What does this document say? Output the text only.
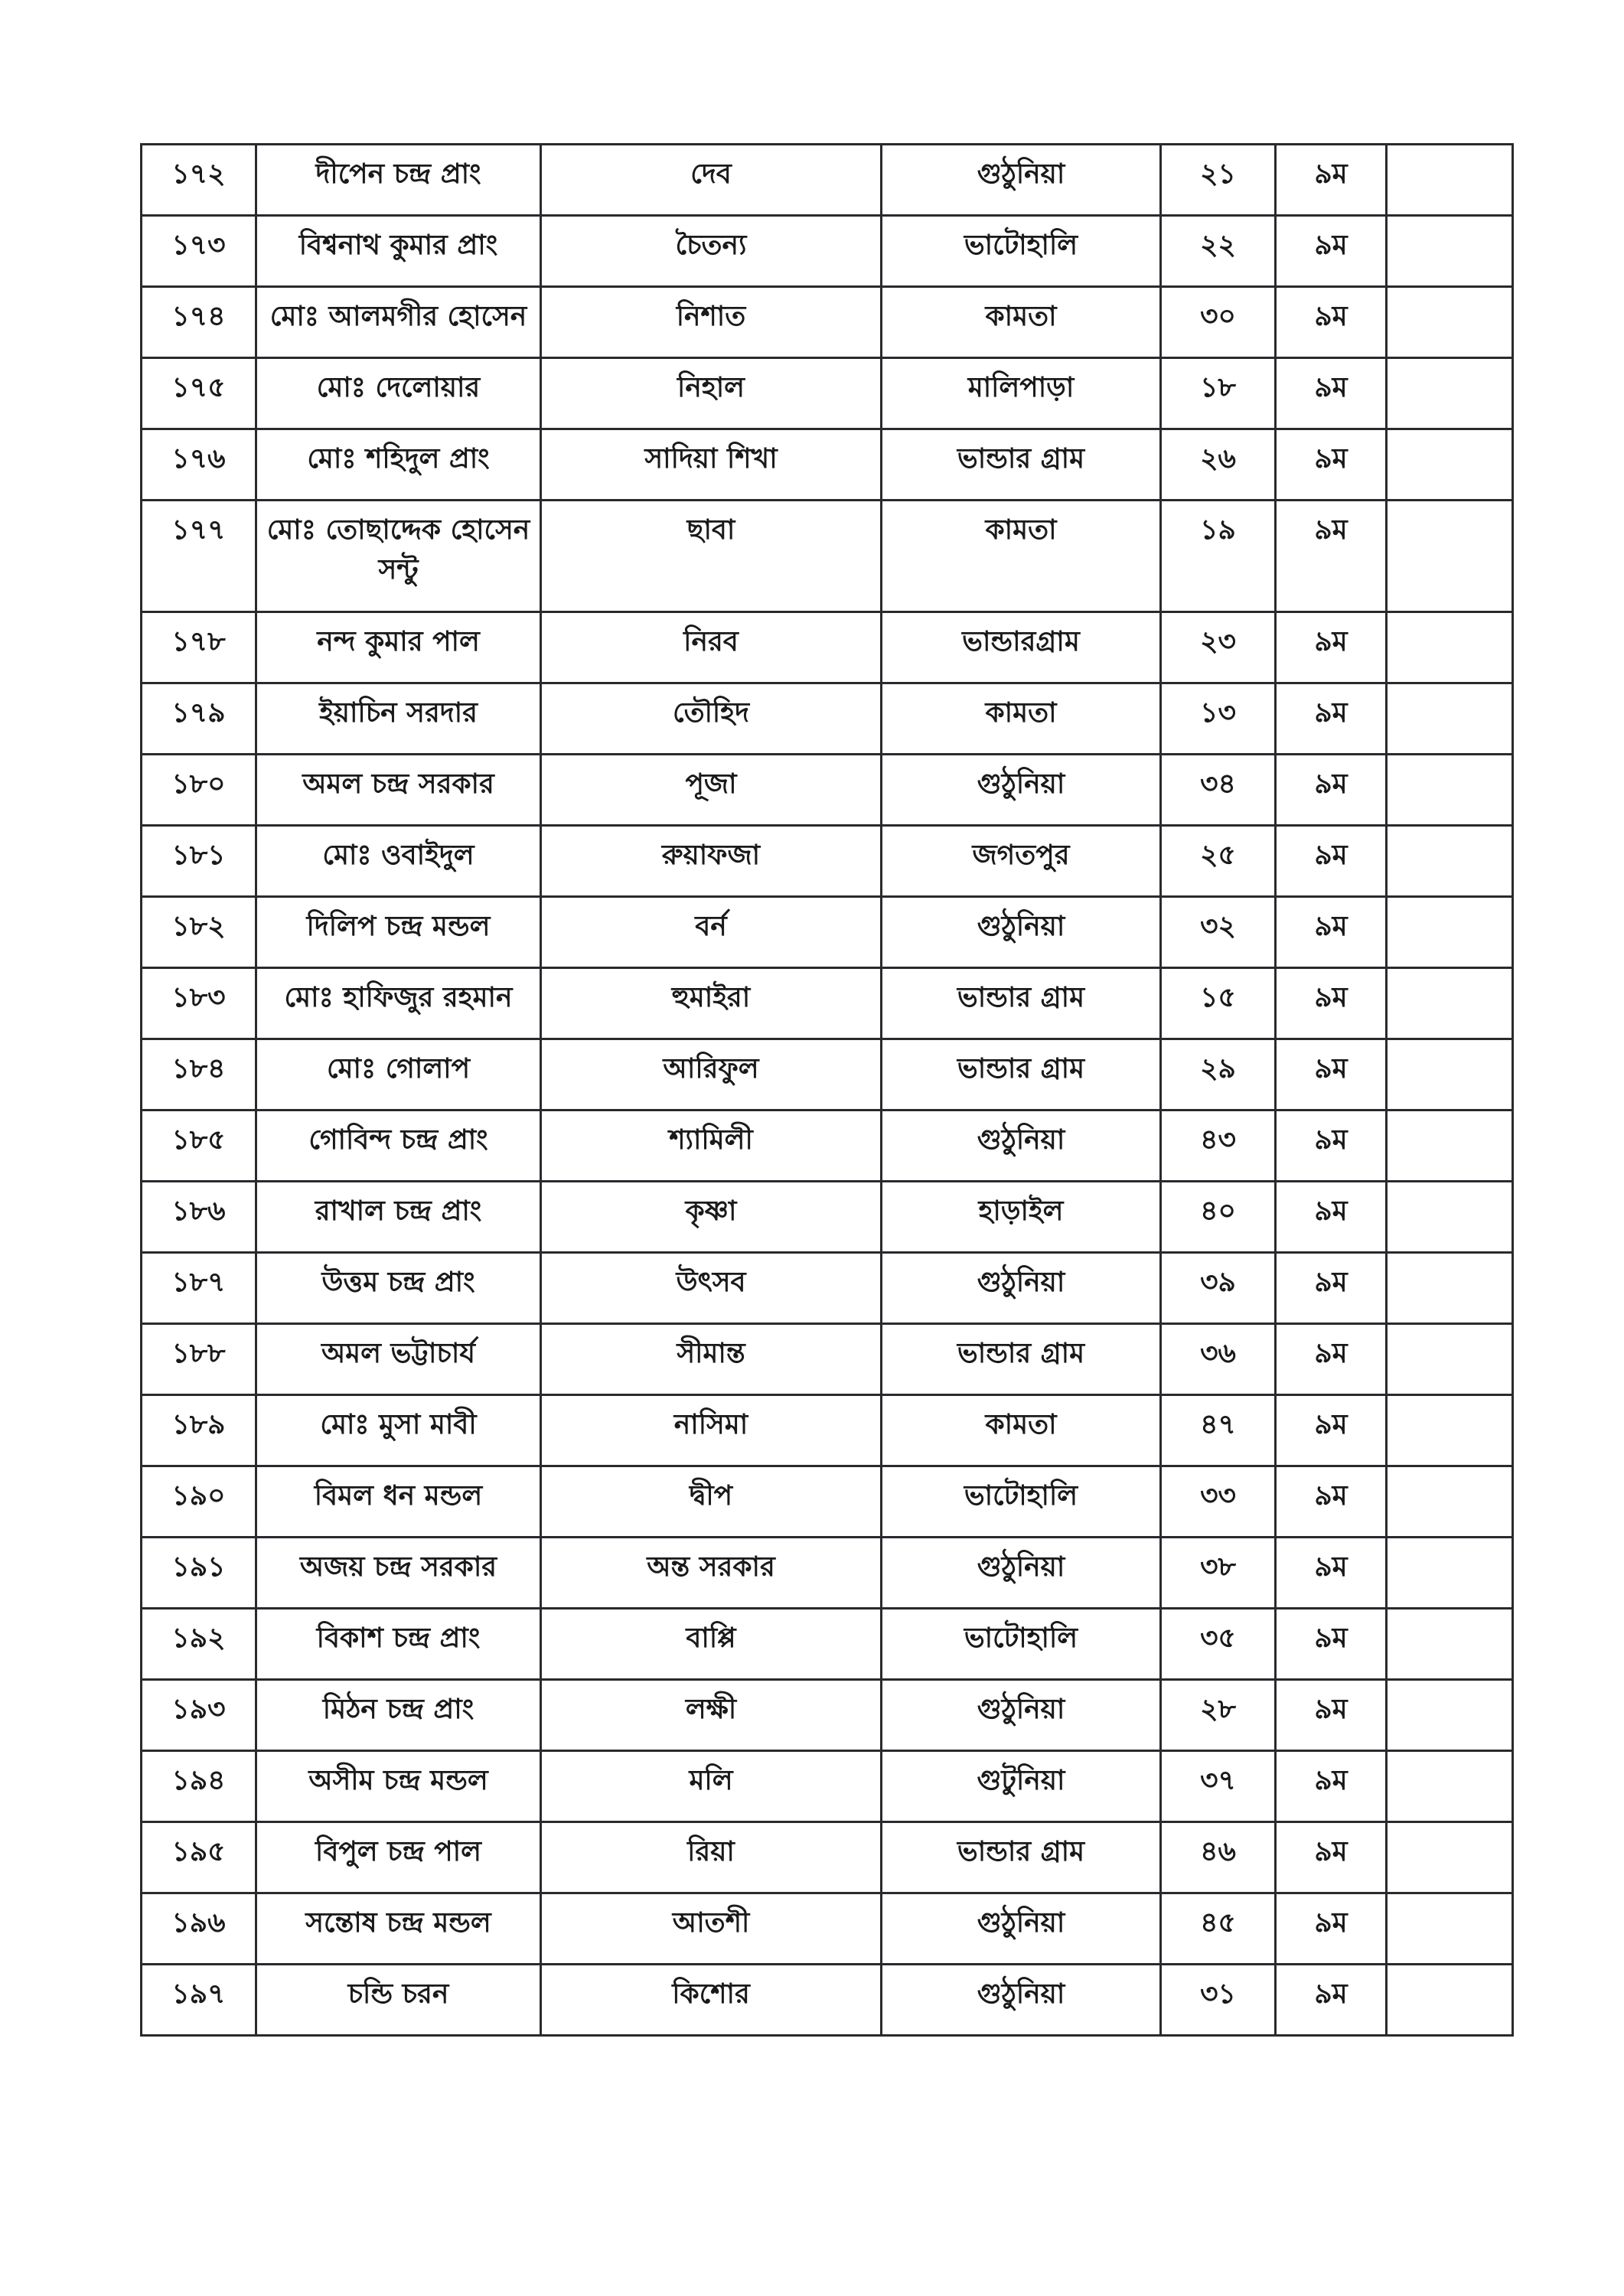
১৭২	দীপেন চন্দ্র প্রাং	দেব	গুঠুনিয়া	২১	৯ম	
১৭৩	বিশ্বনাথ কুমার প্রাং	চৈতন্য	ভাটোহালি	২২	৯ম	
১৭৪	মোঃ আলমগীর হোসেন	নিশাত	কামতা	৩০	৯ম	
১৭৫	মোঃ দেলোয়ার	নিহাল	মালিপাড়া	১৮	৯ম	
১৭৬	মোঃ শহিদুল প্রাং	সাদিয়া শিখা	ভান্ডার গ্রাম	২৬	৯ম	
১৭৭	মোঃ তোছাদ্দেক হোসেন সন্টু	ছাবা	কামতা	১৯	৯ম	
১৭৮	নন্দ কুমার পাল	নিরব	ভান্ডারগ্রাম	২৩	৯ম	
১৭৯	ইয়াচিন সরদার	তৌহিদ	কামতা	১৩	৯ম	
১৮০	অমল চন্দ্র সরকার	পূজা	গুঠুনিয়া	৩৪	৯ম	
১৮১	মোঃ ওবাইদুল	রুয়াফজা	জগতপুর	২৫	৯ম	
১৮২	দিলিপ চন্দ্র মন্ডল	বর্ন	গুঠুনিয়া	৩২	৯ম	
১৮৩	মোঃ হাফিজুর রহমান	হুমাইরা	ভান্ডার গ্রাম	১৫	৯ম	
১৮৪	মোঃ গোলাপ	আরিফুল	ভান্ডার গ্রাম	২৯	৯ম	
১৮৫	গোবিন্দ চন্দ্র প্রাং	শ্যামিলী	গুঠুনিয়া	৪৩	৯ম	
১৮৬	রাখাল চন্দ্র প্রাং	কৃষ্ণা	হাড়াইল	৪০	৯ম	
১৮৭	উত্তম চন্দ্র প্রাং	উৎসব	গুঠুনিয়া	৩৯	৯ম	
১৮৮	অমল ভট্টাচার্য	সীমান্ত	ভান্ডার গ্রাম	৩৬	৯ম	
১৮৯	মোঃ মুসা মাবী	নাসিমা	কামতা	৪৭	৯ম	
১৯০	বিমল ধন মন্ডল	দ্বীপ	ভাটোহালি	৩৩	৯ম	
১৯১	অজয় চন্দ্র সরকার	অন্ত সরকার	গুঠুনিয়া	৩৮	৯ম	
১৯২	বিকাশ চন্দ্র প্রাং	বাপ্পি	ভাটোহালি	৩৫	৯ম	
১৯৩	মিঠন চন্দ্র প্রাং	লক্ষী	গুঠুনিয়া	২৮	৯ম	
১৯৪	অসীম চন্দ্র মন্ডল	মলি	গুটুনিয়া	৩৭	৯ম	
১৯৫	বিপুল চন্দ্র পাল	রিয়া	ভান্ডার গ্রাম	৪৬	৯ম	
১৯৬	সন্তোষ চন্দ্র মন্ডল	আতশী	গুঠুনিয়া	৪৫	৯ম	
১৯৭	চন্ডি চরন	কিশোর	গুঠুনিয়া	৩১	৯ম	
